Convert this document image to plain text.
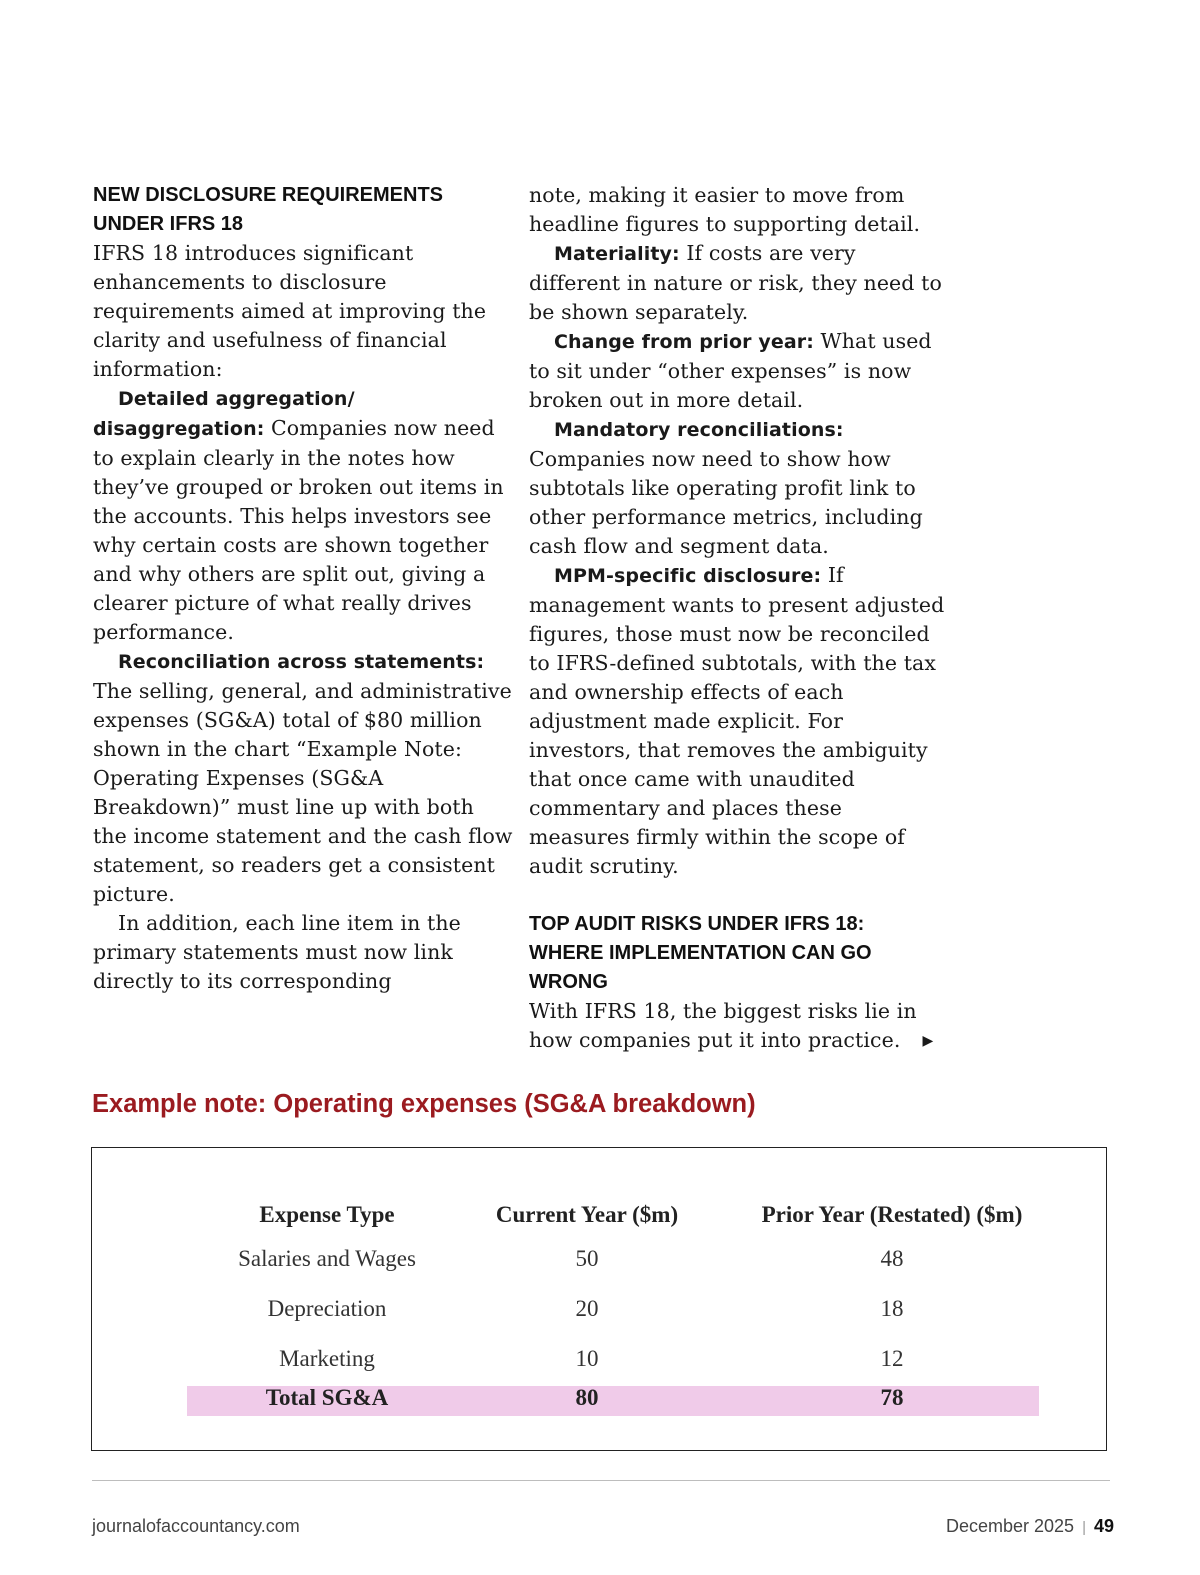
NEW DISCLOSURE REQUIREMENTS UNDER IFRS 18

IFRS 18 introduces significant enhancements to disclosure requirements aimed at improving the clarity and usefulness of financial information:

Detailed aggregation/ disaggregation: Companies now need to explain clearly in the notes how they’ve grouped or broken out items in the accounts. This helps investors see why certain costs are shown together and why others are split out, giving a clearer picture of what really drives performance.

Reconciliation across statements: The selling, general, and administrative expenses (SG&A) total of $80 million shown in the chart “Example Note: Operating Expenses (SG&A Breakdown)” must line up with both the income statement and the cash flow statement, so readers get a consistent picture.

In addition, each line item in the primary statements must now link directly to its corresponding

note, making it easier to move from headline figures to supporting detail.

Materiality: If costs are very different in nature or risk, they need to be shown separately.

Change from prior year: What used to sit under “other expenses” is now broken out in more detail.

Mandatory reconciliations: Companies now need to show how subtotals like operating profit link to other performance metrics, including cash flow and segment data.

MPM-specific disclosure: If management wants to present adjusted figures, those must now be reconciled to IFRS-defined subtotals, with the tax and ownership effects of each adjustment made explicit. For investors, that removes the ambiguity that once came with unaudited commentary and places these measures firmly within the scope of audit scrutiny.

TOP AUDIT RISKS UNDER IFRS 18: WHERE IMPLEMENTATION CAN GO WRONG

With IFRS 18, the biggest risks lie in how companies put it into practice. ▶

Example note: Operating expenses (SG&A breakdown)
Expense Type	Current Year ($m)	Prior Year (Restated) ($m)
Salaries and Wages	50	48
Depreciation	20	18
Marketing	10	12
Total SG&A	80	78
journalofaccountancy.com	December 2025 | 49
